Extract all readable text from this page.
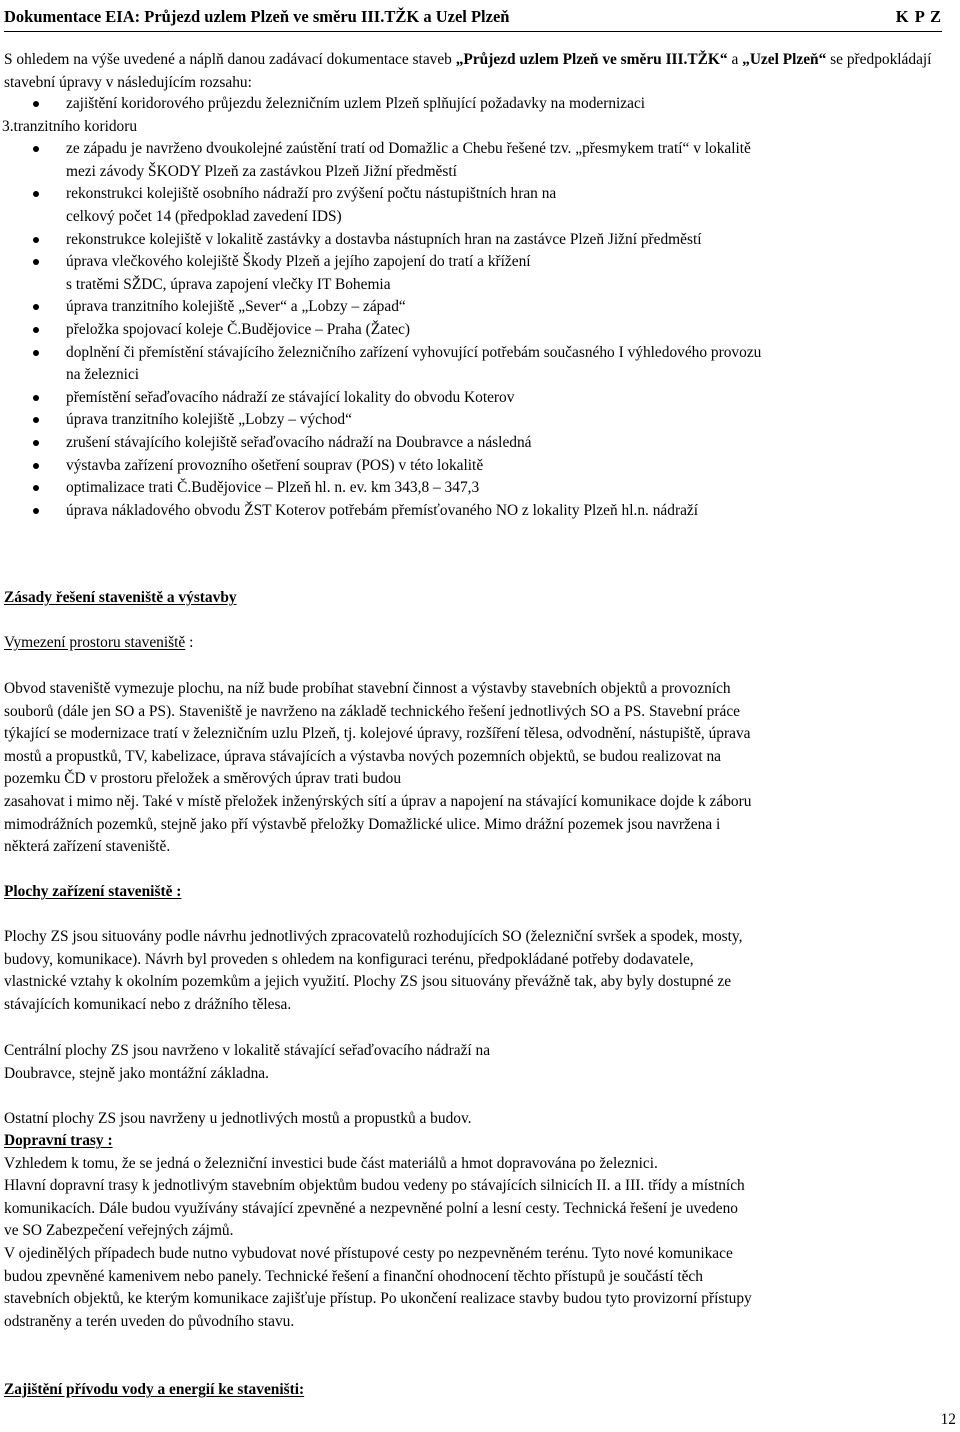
Dokumentace EIA: Průjezd uzlem Plzeň ve směru III.TŽK a Uzel Plzeň	K P Z
S ohledem na výše uvedené a náplň danou zadávací dokumentace staveb „Průjezd uzlem Plzeň ve směru III.TŽK“ a „Uzel Plzeň“ se předpokládají stavební úpravy v následujícím rozsahu:
zajištění koridorového průjezdu železničním uzlem Plzeň splňující požadavky na modernizaci
3.tranzitního koridoru
ze západu je navrženo dvoukolejné zaústění tratí od Domažlic a Chebu řešené tzv. „přesmykem tratí“ v lokalitě
mezi závody ŠKODY Plzeň za zastávkou Plzeň Jižní předměstí
rekonstrukci kolejiště osobního nádraží pro zvýšení počtu nástupištních hran na
celkový počet 14 (předpoklad zavedení IDS)
rekonstrukce kolejiště v lokalitě zastávky a dostavba nástupních hran na zastávce Plzeň Jižní předměstí
úprava vlečkového kolejiště Škody Plzeň a jejího zapojení do tratí a křížení
s tratěmi SŽDC, úprava zapojení vlečky IT Bohemia
úprava tranzitního kolejiště „Sever“ a „Lobzy – západ“
přeložka spojovací koleje Č.Budějovice – Praha (Žatec)
doplnění či přemístění stávajícího železničního zařízení vyhovující potřebám současného I výhledového provozu
na železnici
přemístění seřaďovacího nádraží ze stávající lokality do obvodu Koterov
úprava tranzitního kolejiště „Lobzy – východ“
zrušení stávajícího kolejiště seřaďovacího nádraží na Doubravce a následná
výstavba zařízení provozního ošetření souprav (POS) v této lokalitě
optimalizace trati Č.Budějovice – Plzeň hl. n. ev. km 343,8 – 347,3
úprava nákladového obvodu ŽST Koterov potřebám přemísťovaného NO z lokality Plzeň hl.n. nádraží
Zásady řešení staveniště a výstavby
Vymezení prostoru staveniště :
Obvod staveniště vymezuje plochu, na níž bude probíhat stavební činnost a výstavby stavebních objektů a provozních
souborů (dále jen SO a PS). Staveniště je navrženo na základě technického řešení jednotlivých SO a PS. Stavební práce
týkající se modernizace tratí v železničním uzlu Plzeň, tj. kolejové úpravy, rozšíření tělesa, odvodnění, nástupiště, úprava
mostů a propustků, TV, kabelizace, úprava stávajících a výstavba nových pozemních objektů, se budou realizovat na
pozemku ČD v prostoru přeložek a směrových úprav trati budou
zasahovat i mimo něj. Také v místě přeložek inženýrských sítí a úprav a napojení na stávající komunikace dojde k záboru
mimodrážních pozemků, stejně jako pří výstavbě přeložky Domažlické ulice. Mimo drážní pozemek jsou navržena i
některá zařízení staveniště.
Plochy zařízení staveniště :
Plochy ZS jsou situovány podle návrhu jednotlivých zpracovatelů rozhodujících SO (železniční svršek a spodek, mosty,
budovy, komunikace). Návrh byl proveden s ohledem na konfiguraci terénu, předpokládané potřeby dodavatele,
vlastnické vztahy k okolním pozemkům a jejich využití. Plochy ZS jsou situovány převážně tak, aby byly dostupné ze
stávajících komunikací nebo z drážního tělesa.
Centrální plochy ZS jsou navrženo v lokalitě stávající seřaďovacího nádraží na
Doubravce, stejně jako montážní základna.
Ostatní plochy ZS jsou navrženy u jednotlivých mostů a propustků a budov.
Dopravní trasy :
Vzhledem k tomu, že se jedná o železniční investici bude část materiálů a hmot dopravována po železnici.
Hlavní dopravní trasy k jednotlivým stavebním objektům budou vedeny po stávajících silnicích II. a III. třídy a místních
komunikacích. Dále budou využívány stávající zpevněné a nezpevněné polní a lesní cesty. Technická řešení je uvedeno
ve SO Zabezpečení veřejných zájmů.
V ojedinělých případech bude nutno vybudovat nové přístupové cesty po nezpevněném terénu. Tyto nové komunikace
budou zpevněné kamenivem nebo panely. Technické řešení a finanční ohodnocení těchto přístupů je součástí těch
stavebních objektů, ke kterým komunikace zajišťuje přístup. Po ukončení realizace stavby budou tyto provizorní přístupy
odstraněny a terén uveden do původního stavu.
Zajištění přívodu vody a energií ke staveništi:
12
